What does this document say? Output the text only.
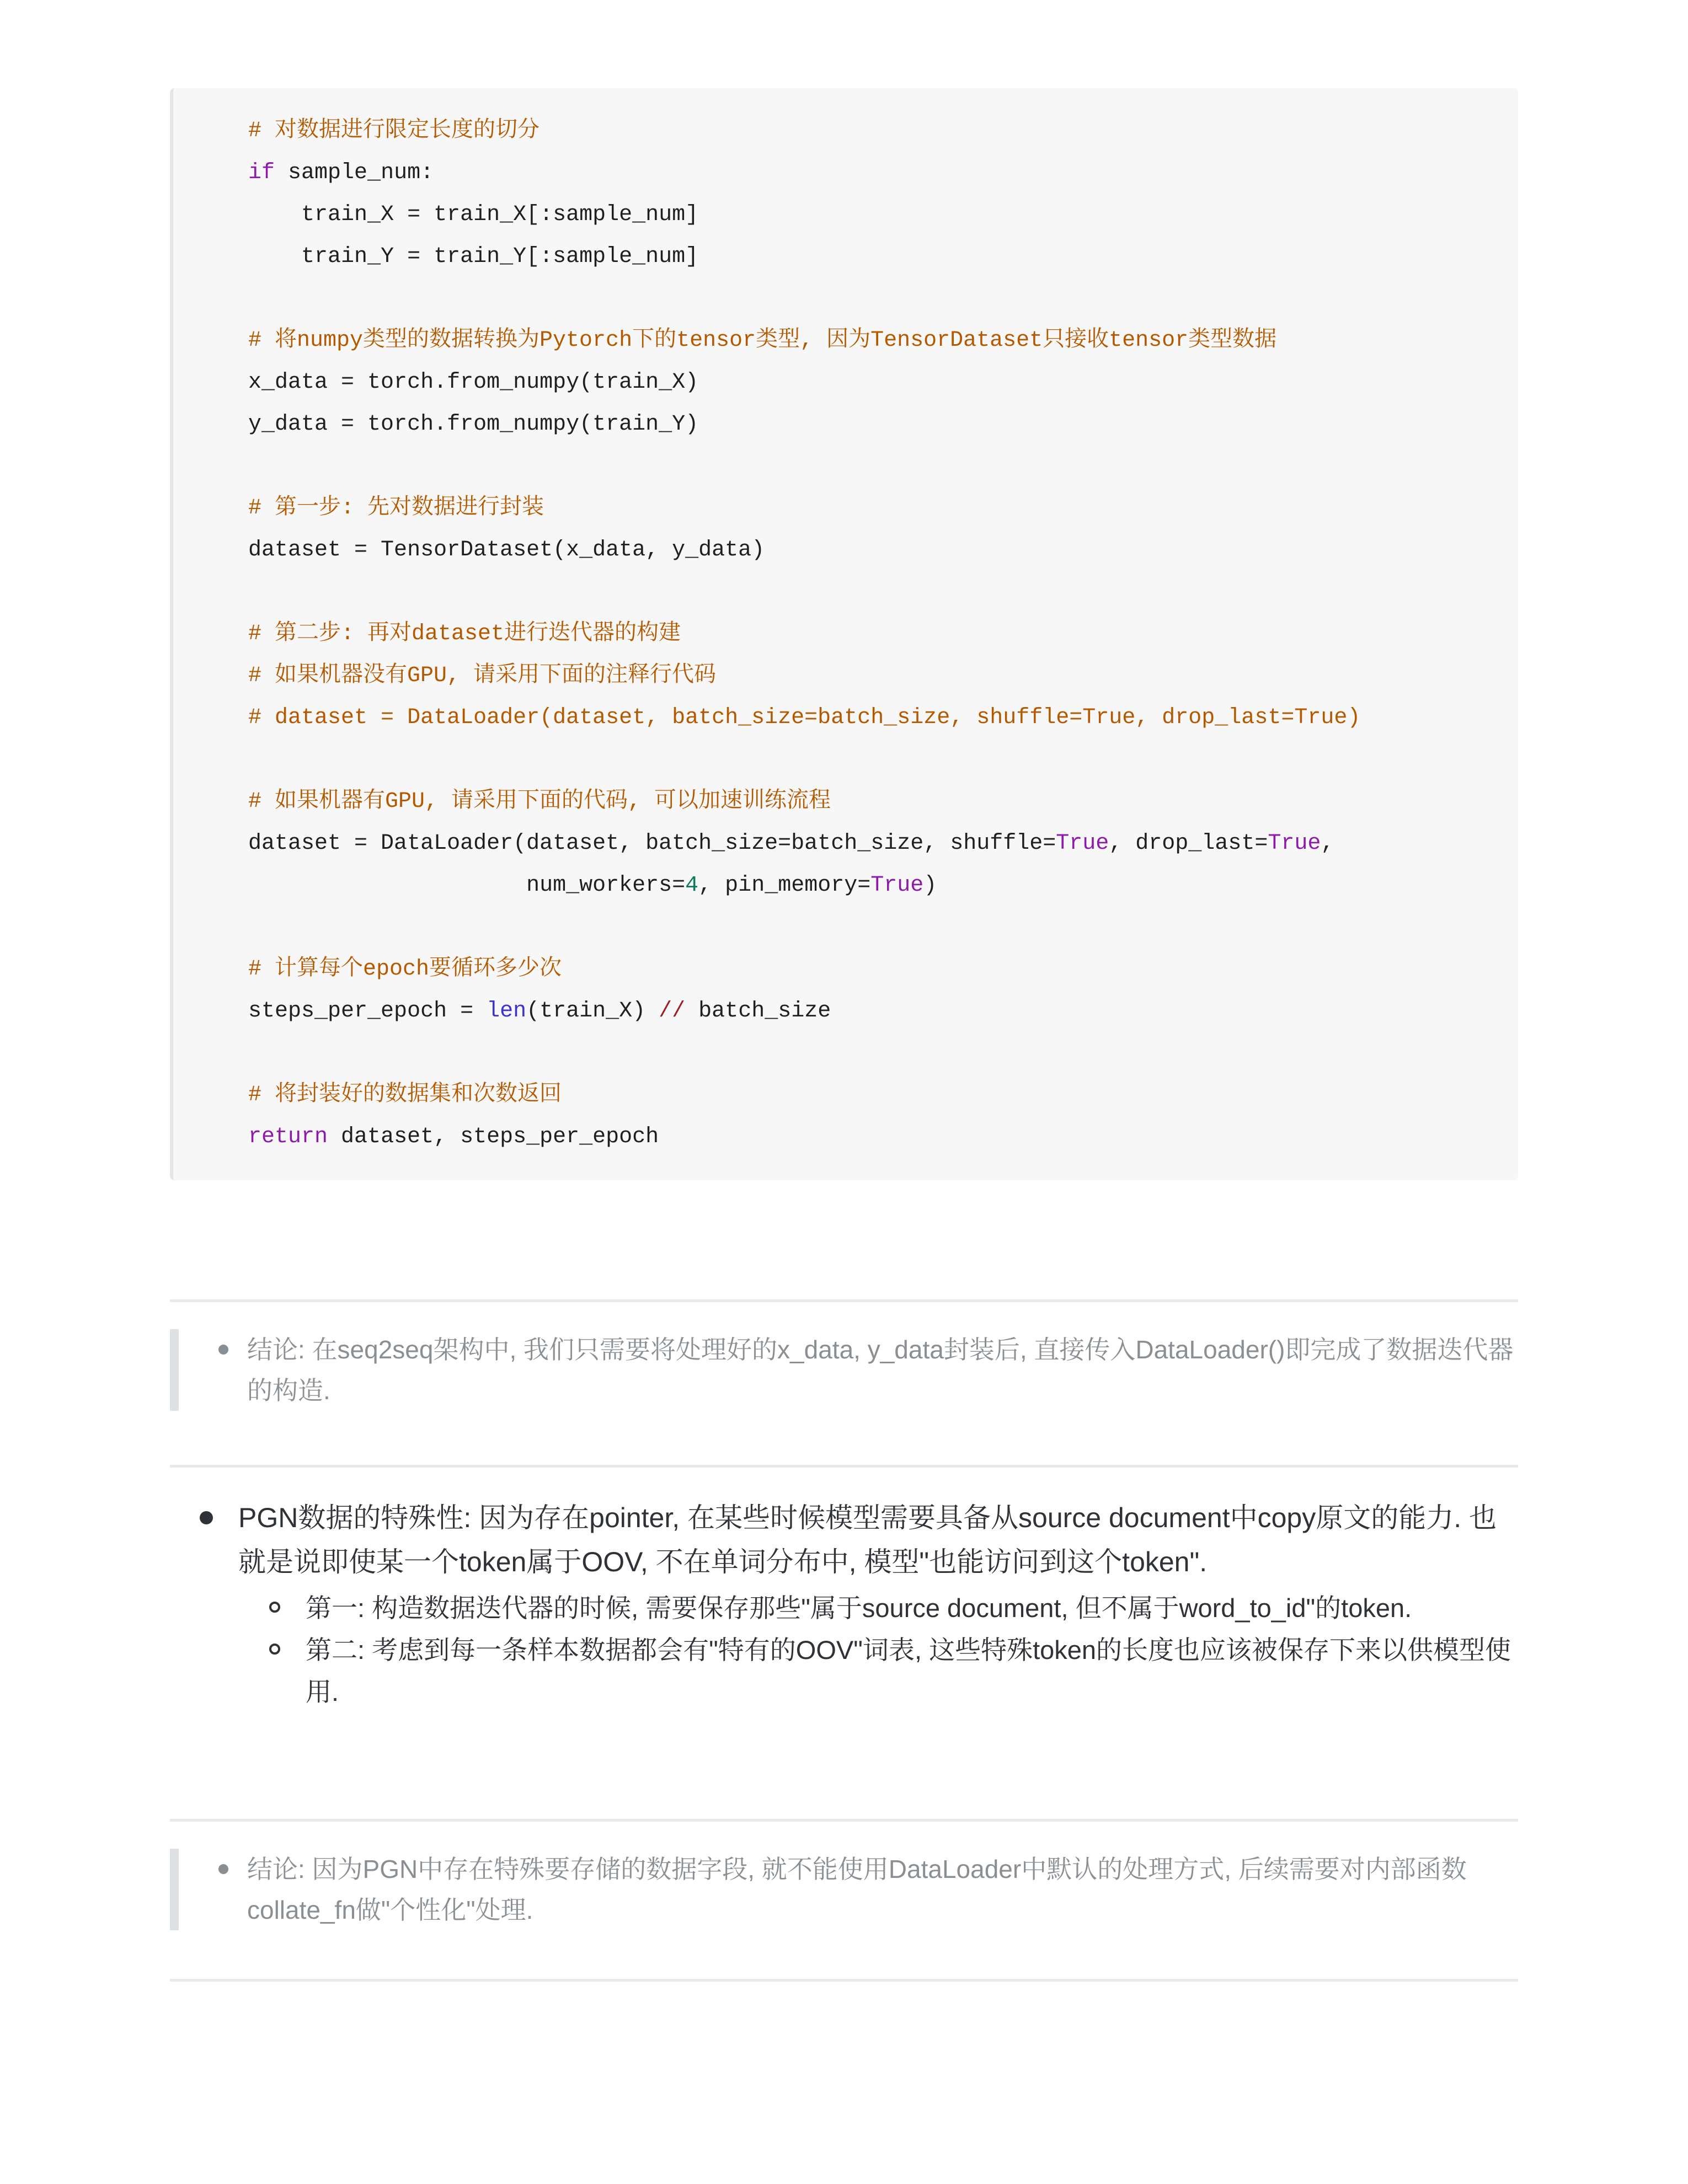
# 对数据进行限定长度的切分
if sample_num:
train_X = train_X[:sample_num]
train_Y = train_Y[:sample_num]

# 将numpy类型的数据转换为Pytorch下的tensor类型, 因为TensorDataset只接收tensor类型数据
x_data = torch.from_numpy(train_X)
y_data = torch.from_numpy(train_Y)

# 第一步: 先对数据进行封装
dataset = TensorDataset(x_data, y_data)

# 第二步: 再对dataset进行迭代器的构建
# 如果机器没有GPU, 请采用下面的注释行代码
# dataset = DataLoader(dataset, batch_size=batch_size, shuffle=True, drop_last=True)

# 如果机器有GPU, 请采用下面的代码, 可以加速训练流程
dataset = DataLoader(dataset, batch_size=batch_size, shuffle=True, drop_last=True,
num_workers=4, pin_memory=True)

# 计算每个epoch要循环多少次
steps_per_epoch = len(train_X) // batch_size

# 将封装好的数据集和次数返回
return dataset, steps_per_epoch
结论: 在seq2seq架构中, 我们只需要将处理好的x_data, y_data封装后, 直接传入DataLoader()即完成了数据迭代器的构造.
PGN数据的特殊性: 因为存在pointer, 在某些时候模型需要具备从source document中copy原文的能力. 也就是说即使某一个token属于OOV, 不在单词分布中, 模型"也能访问到这个token".
第一: 构造数据迭代器的时候, 需要保存那些"属于source document, 但不属于word_to_id"的token.
第二: 考虑到每一条样本数据都会有"特有的OOV"词表, 这些特殊token的长度也应该被保存下来以供模型使用.
结论: 因为PGN中存在特殊要存储的数据字段, 就不能使用DataLoader中默认的处理方式, 后续需要对内部函数collate_fn做"个性化"处理.
